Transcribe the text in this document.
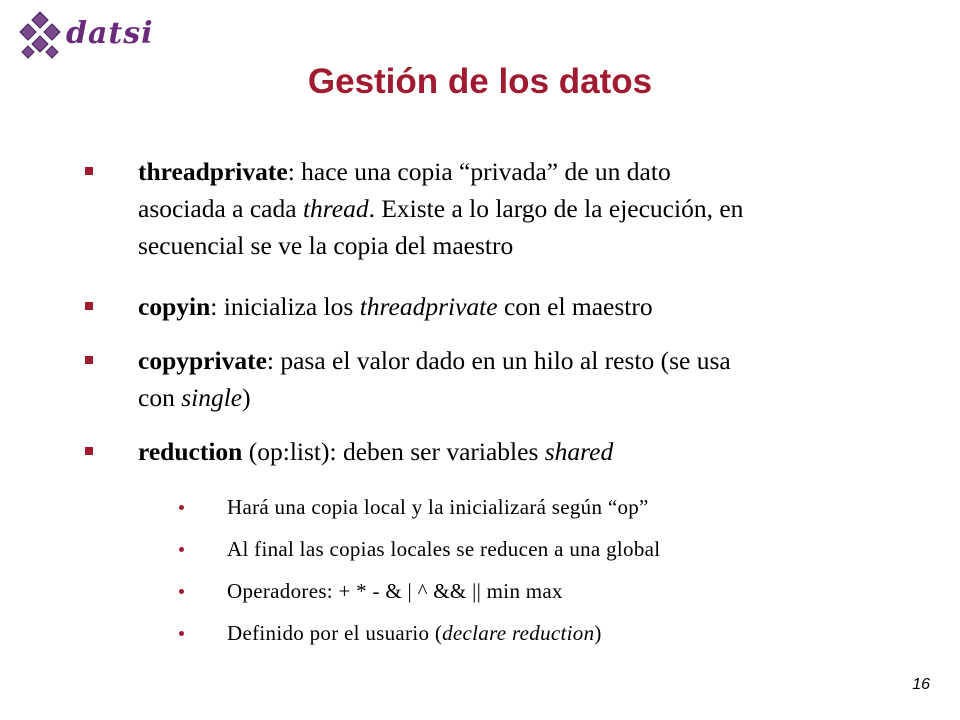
datsi
Gestión de los datos
threadprivate: hace una copia “privada” de un dato
asociada a cada thread. Existe a lo largo de la ejecución, en
secuencial se ve la copia del maestro
copyin: inicializa los threadprivate con el maestro
copyprivate: pasa el valor dado en un hilo al resto (se usa
con single)
reduction (op:list): deben ser variables shared
Hará una copia local y la inicializará según “op”
Al final las copias locales se reducen a una global
Operadores: + * - & | ^ && || min max
Definido por el usuario (declare reduction)
16
